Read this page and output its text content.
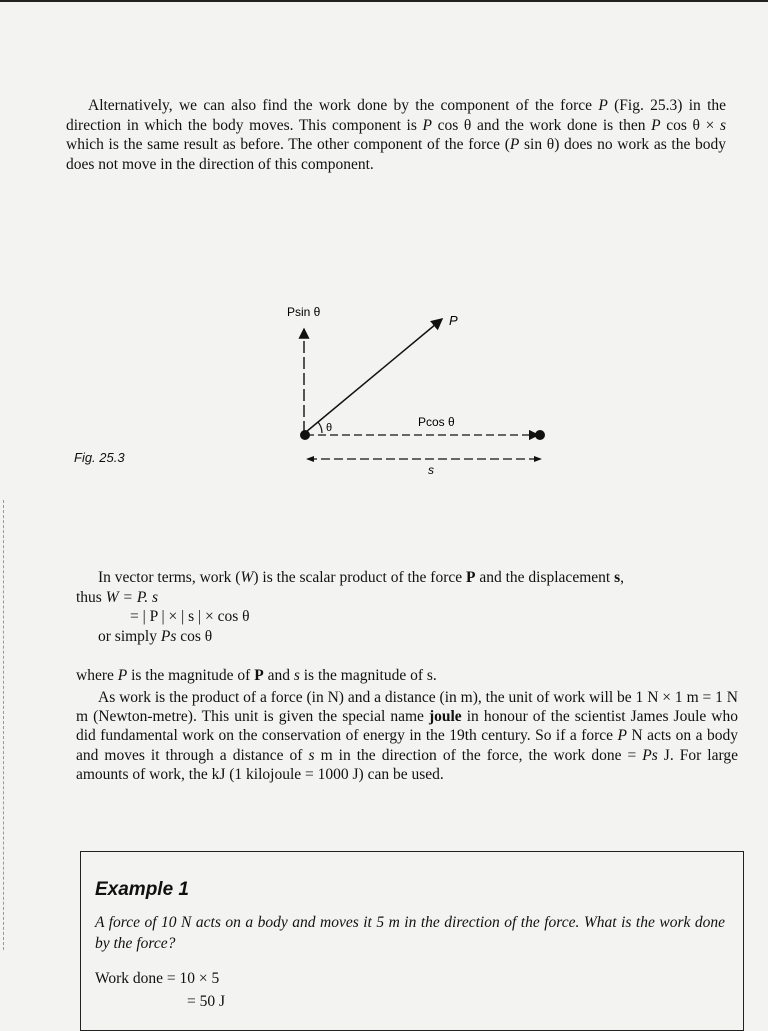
Alternatively, we can also find the work done by the component of the force P (Fig. 25.3) in the direction in which the body moves. This component is P cos θ and the work done is then P cos θ × s which is the same result as before. The other component of the force (P sin θ) does no work as the body does not move in the direction of this component.

Psin θ
P
θ	Pcos θ
s
Fig. 25.3
In vector terms, work (W) is the scalar product of the force P and the displacement s,
thus W = P. s
= | P | × | s | × cos θ
or simply Ps cos θ

where P is the magnitude of P and s is the magnitude of s.

As work is the product of a force (in N) and a distance (in m), the unit of work will be 1 N × 1 m = 1 N m (Newton-metre). This unit is given the special name joule in honour of the scientist James Joule who did fundamental work on the conservation of energy in the 19th century. So if a force P N acts on a body and moves it through a distance of s m in the direction of the force, the work done = Ps J. For large amounts of work, the kJ (1 kilojoule = 1000 J) can be used.

Example 1
A force of 10 N acts on a body and moves it 5 m in the direction of the force. What is the work done by the force?
Work done = 10 × 5
= 50 J
